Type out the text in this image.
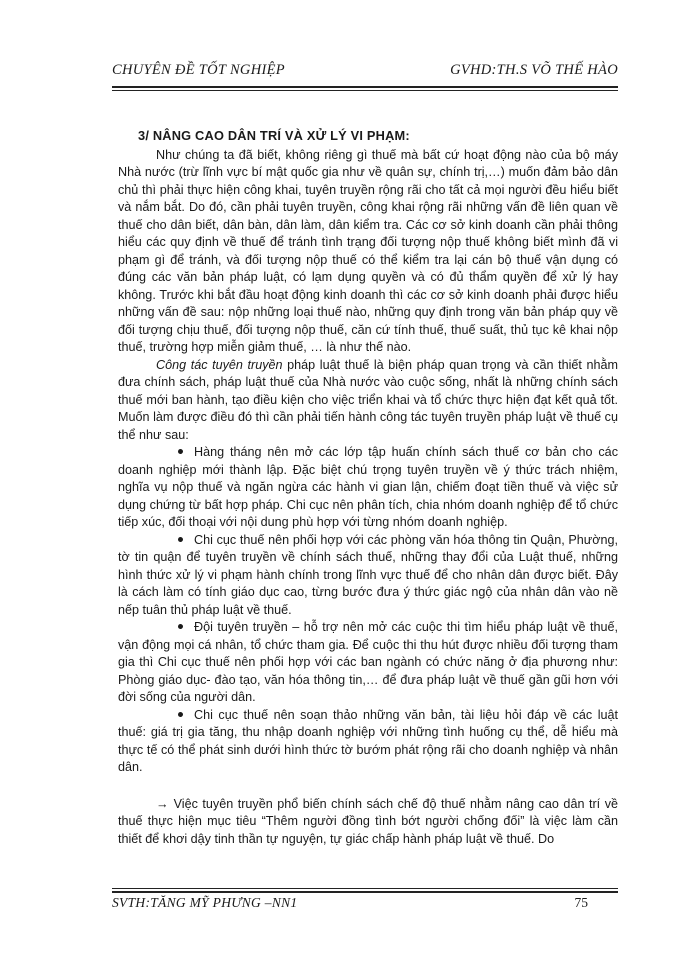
CHUYÊN ĐỀ TỐT NGHIỆP	GVHD:TH.S VÕ THẾ HÀO

3/ NÂNG CAO DÂN TRÍ VÀ XỬ LÝ VI PHẠM:

Như chúng ta đã biết, không riêng gì thuế mà bất cứ hoạt động nào của bộ máy Nhà nước (trừ lĩnh vực bí mật quốc gia như về quân sự, chính trị,…) muốn đảm bảo dân chủ thì phải thực hiện công khai, tuyên truyền rộng rãi cho tất cả mọi người đều hiểu biết và nắm bắt. Do đó, cần phải tuyên truyền, công khai rộng rãi những vấn đề liên quan về thuế cho dân biết, dân bàn, dân làm, dân kiểm tra. Các cơ sở kinh doanh cần phải thông hiểu các quy định về thuế để tránh tình trạng đối tượng nộp thuế không biết mình đã vi phạm gì để tránh, và đối tượng nộp thuế có thể kiểm tra lại cán bộ thuế vận dụng có đúng các văn bản pháp luật, có lạm dụng quyền và có đủ thẩm quyền để xử lý hay không. Trước khi bắt đầu hoạt động kinh doanh thì các cơ sở kinh doanh phải được hiểu những vấn đề sau: nộp những loại thuế nào, những quy định trong văn bản pháp quy về đối tượng chịu thuế, đối tượng nộp thuế, căn cứ tính thuế, thuế suất, thủ tục kê khai nộp thuế, trường hợp miễn giảm thuế, … là như thế nào.

Công tác tuyên truyền pháp luật thuế là biện pháp quan trọng và cần thiết nhằm đưa chính sách, pháp luật thuế của Nhà nước vào cuộc sống, nhất là những chính sách thuế mới ban hành, tạo điều kiện cho việc triển khai và tổ chức thực hiện đạt kết quả tốt. Muốn làm được điều đó thì cần phải tiến hành công tác tuyên truyền pháp luật về thuế cụ thể như sau:

Hàng tháng nên mở các lớp tập huấn chính sách thuế cơ bản cho các doanh nghiệp mới thành lập. Đặc biệt chú trọng tuyên truyền về ý thức trách nhiệm, nghĩa vụ nộp thuế và ngăn ngừa các hành vi gian lận, chiếm đoạt tiền thuế và việc sử dụng chứng từ bất hợp pháp. Chi cục nên phân tích, chia nhóm doanh nghiệp để tổ chức tiếp xúc, đối thoại với nội dung phù hợp với từng nhóm doanh nghiệp.

Chi cục thuế nên phối hợp với các phòng văn hóa thông tin Quận, Phường, tờ tin quận để tuyên truyền về chính sách thuế, những thay đổi của Luật thuế, những hình thức xử lý vi phạm hành chính trong lĩnh vực thuế để cho nhân dân được biết. Đây là cách làm có tính giáo dục cao, từng bước đưa ý thức giác ngộ của nhân dân vào nề nếp tuân thủ pháp luật về thuế.

Đội tuyên truyền – hỗ trợ nên mở các cuộc thi tìm hiểu pháp luật về thuế, vận động mọi cá nhân, tổ chức tham gia. Để cuộc thi thu hút được nhiều đối tượng tham gia thì Chi cục thuế nên phối hợp với các ban ngành có chức năng ở địa phương như: Phòng giáo dục- đào tạo, văn hóa thông tin,… để đưa pháp luật về thuế gần gũi hơn với đời sống của người dân.

Chi cục thuế nên soạn thảo những văn bản, tài liệu hỏi đáp về các luật thuế: giá trị gia tăng, thu nhập doanh nghiệp với những tình huống cụ thể, dễ hiểu mà thực tế có thể phát sinh dưới hình thức tờ bướm phát rộng rãi cho doanh nghiệp và nhân dân.

→ Việc tuyên truyền phổ biến chính sách chế độ thuế nhằm nâng cao dân trí về thuế thực hiện mục tiêu “Thêm người đồng tình bớt người chống đối” là việc làm cần thiết để khơi dậy tinh thần tự nguyện, tự giác chấp hành pháp luật về thuế. Do

SVTH:TĂNG MỸ PHƯNG –NN1	75
